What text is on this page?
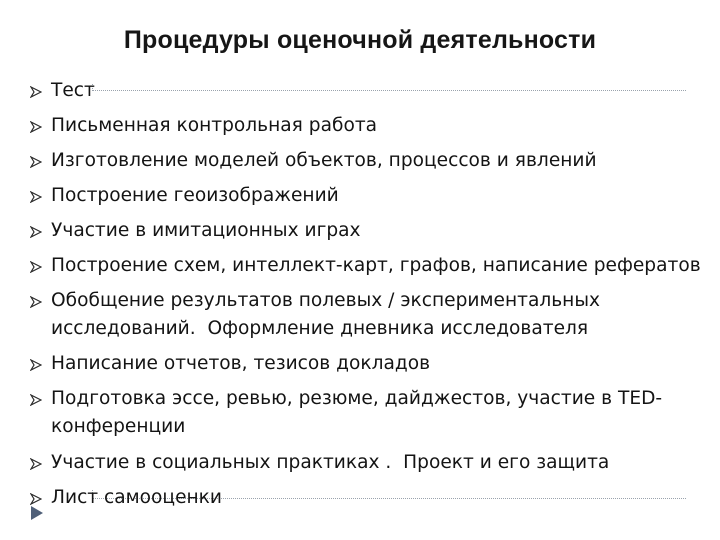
Процедуры оценочной деятельности
Тест
Письменная контрольная работа
Изготовление моделей объектов, процессов и явлений
Построение геоизображений
Участие в имитационных играх
Построение схем, интеллект-карт, графов, написание рефератов
Обобщение результатов полевых / экспериментальных
исследований.  Оформление дневника исследователя
Написание отчетов, тезисов докладов
Подготовка эссе, ревью, резюме, дайджестов, участие в TED-
конференции
Участие в социальных практиках .  Проект и его защита
Лист самооценки
